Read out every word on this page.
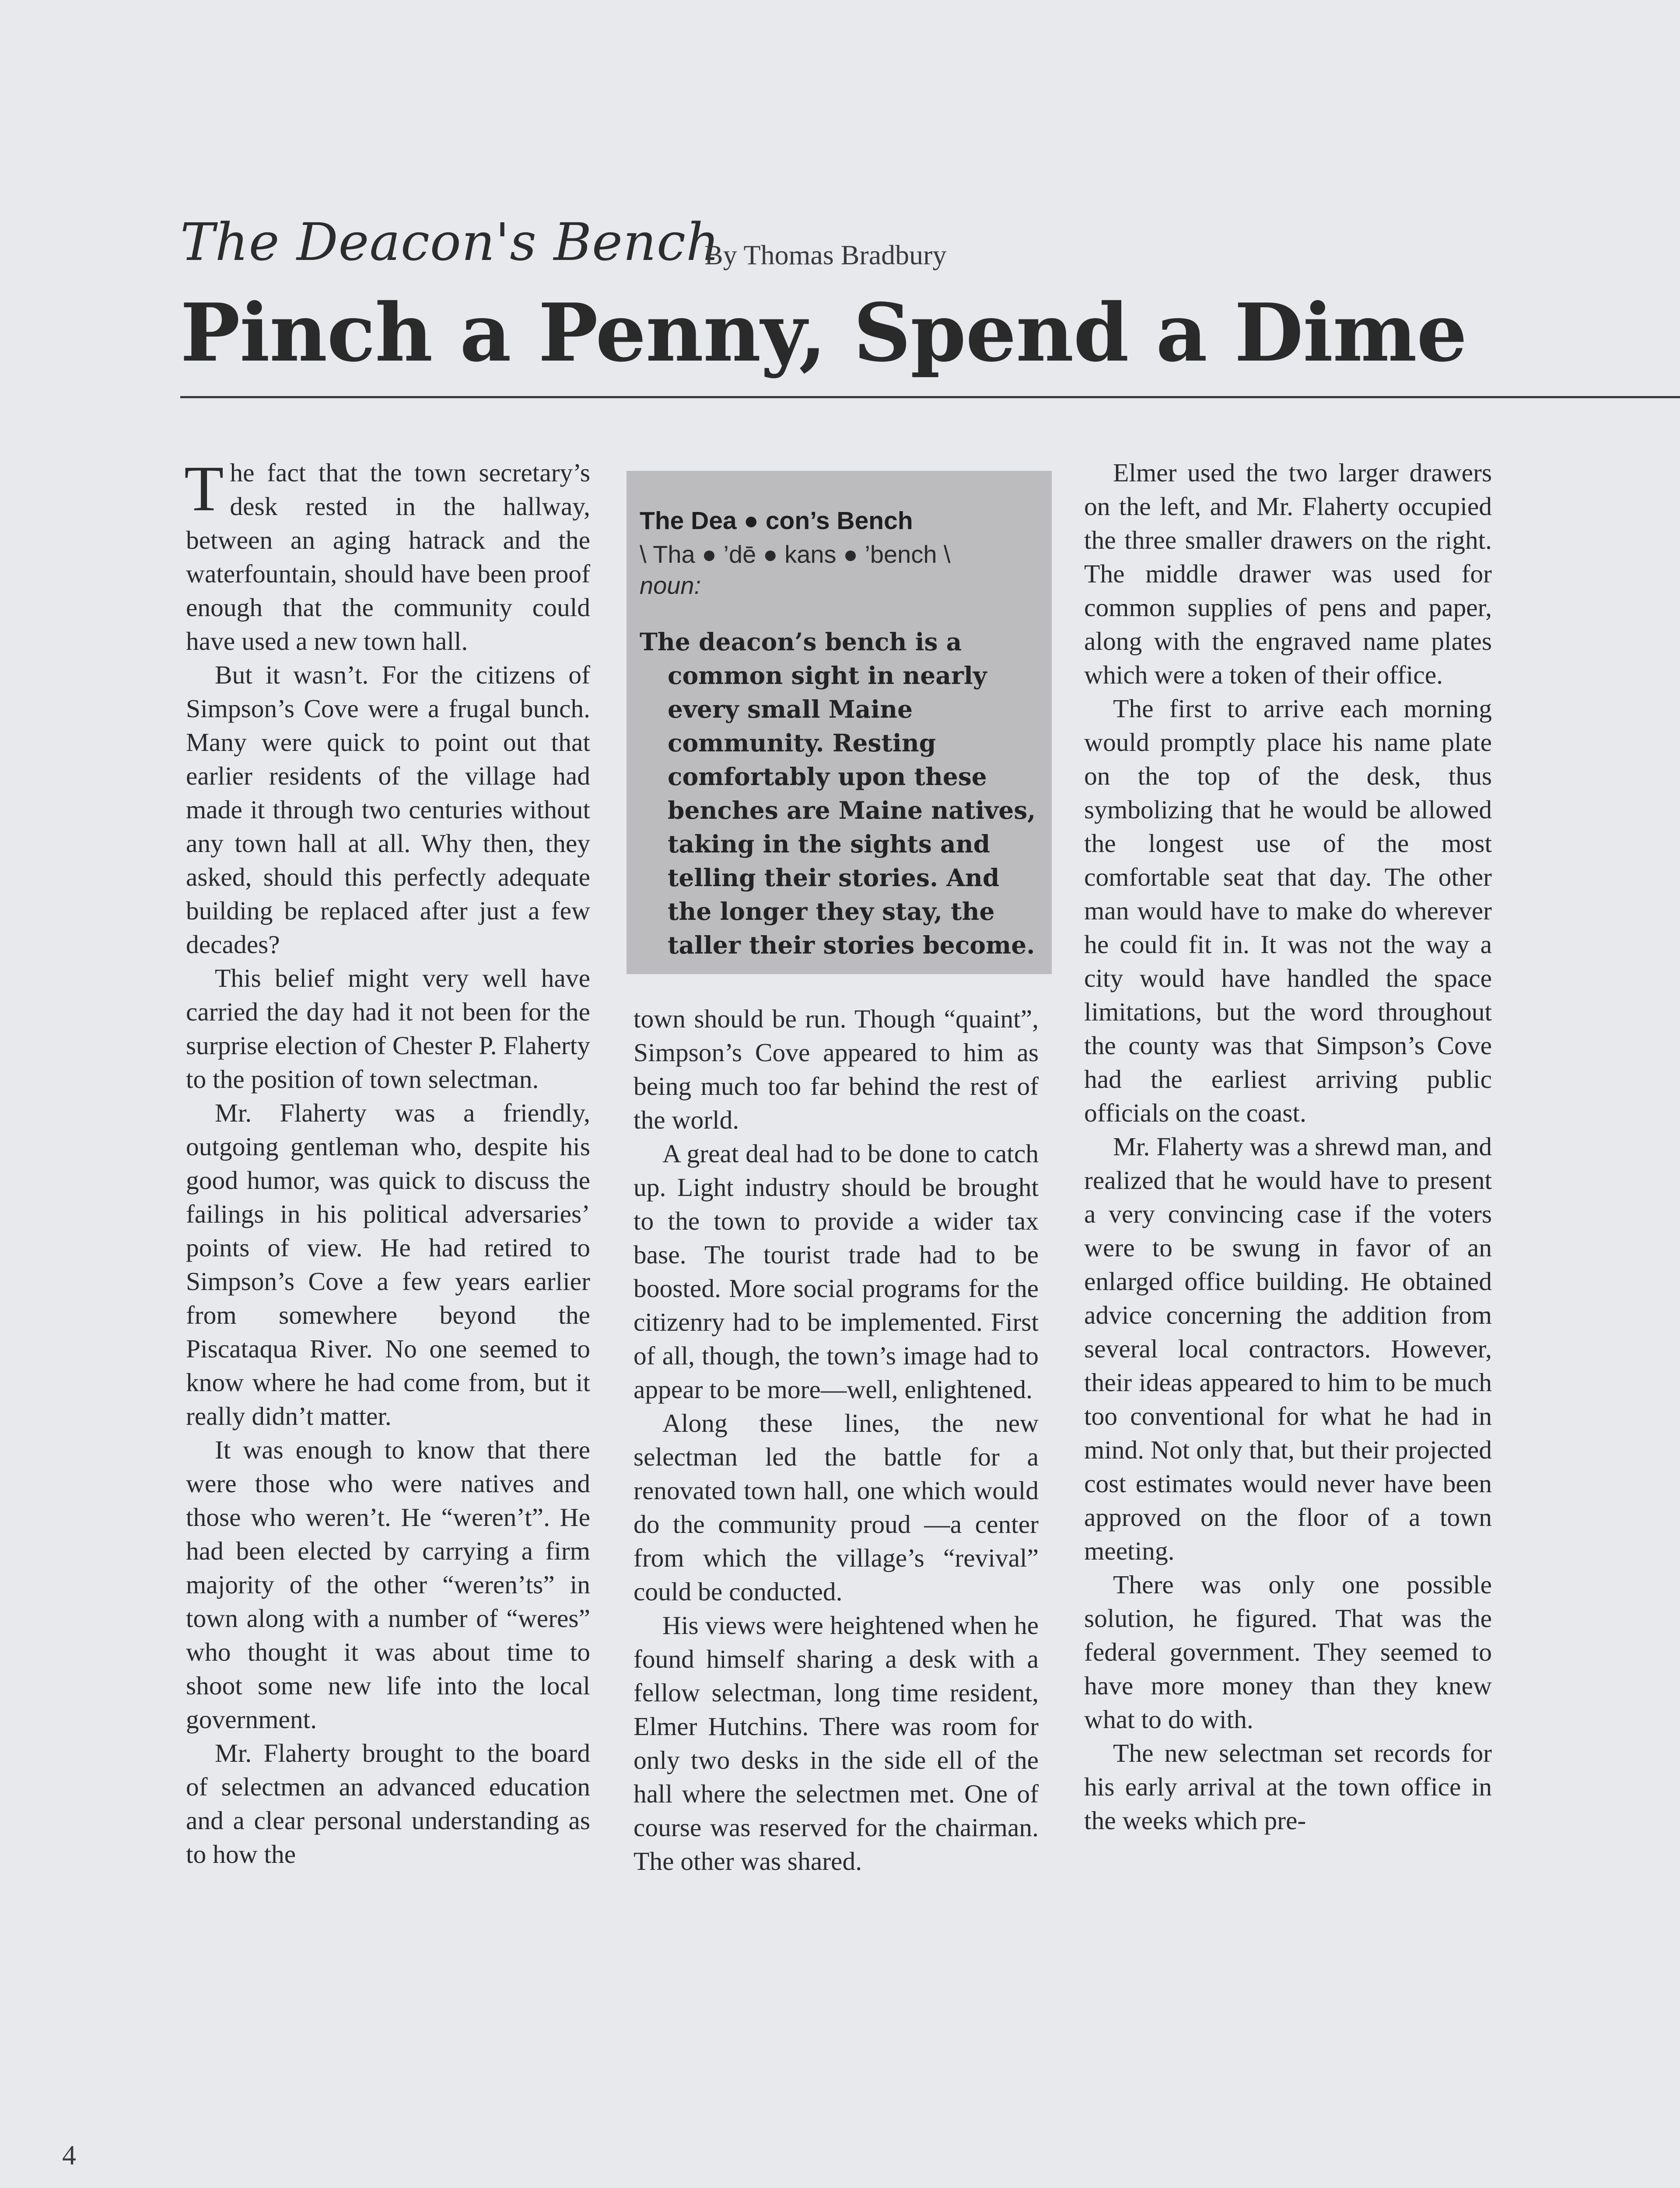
The Deacon's Bench
By Thomas Bradbury
Pinch a Penny, Spend a Dime

The fact that the town secretary’s desk rested in the hallway, between an aging hatrack and the waterfountain, should have been proof enough that the community could have used a new town hall.

But it wasn’t. For the citizens of Simpson’s Cove were a frugal bunch. Many were quick to point out that earlier residents of the village had made it through two centuries without any town hall at all. Why then, they asked, should this perfectly adequate building be replaced after just a few decades?

This belief might very well have carried the day had it not been for the surprise election of Chester P. Flaherty to the position of town selectman.

Mr. Flaherty was a friendly, outgoing gentleman who, despite his good humor, was quick to discuss the failings in his political adversaries’ points of view. He had retired to Simpson’s Cove a few years earlier from somewhere beyond the Piscataqua River. No one seemed to know where he had come from, but it really didn’t matter.

It was enough to know that there were those who were natives and those who weren’t. He “weren’t”. He had been elected by carrying a firm majority of the other “weren’ts” in town along with a number of “weres” who thought it was about time to shoot some new life into the local government.

Mr. Flaherty brought to the board of selectmen an advanced education and a clear personal understanding as to how the

The Dea ● con’s Bench
\ Tha ● ’dē ● kans ● ’bench \
noun:
The deacon’s bench is a common sight in nearly every small Maine community. Resting comfortably upon these benches are Maine natives, taking in the sights and telling their stories. And the longer they stay, the taller their stories become.

town should be run. Though “quaint”, Simpson’s Cove appeared to him as being much too far behind the rest of the world.

A great deal had to be done to catch up. Light industry should be brought to the town to provide a wider tax base. The tourist trade had to be boosted. More social programs for the citizenry had to be implemented. First of all, though, the town’s image had to appear to be more—well, enlightened.

Along these lines, the new selectman led the battle for a renovated town hall, one which would do the community proud —a center from which the village’s “revival” could be conducted.

His views were heightened when he found himself sharing a desk with a fellow selectman, long time resident, Elmer Hutchins. There was room for only two desks in the side ell of the hall where the selectmen met. One of course was reserved for the chairman. The other was shared.

Elmer used the two larger drawers on the left, and Mr. Flaherty occupied the three smaller drawers on the right. The middle drawer was used for common supplies of pens and paper, along with the engraved name plates which were a token of their office.

The first to arrive each morning would promptly place his name plate on the top of the desk, thus symbolizing that he would be allowed the longest use of the most comfortable seat that day. The other man would have to make do wherever he could fit in. It was not the way a city would have handled the space limitations, but the word throughout the county was that Simpson’s Cove had the earliest arriving public officials on the coast.

Mr. Flaherty was a shrewd man, and realized that he would have to present a very convincing case if the voters were to be swung in favor of an enlarged office building. He obtained advice concerning the addition from several local contractors. However, their ideas appeared to him to be much too conventional for what he had in mind. Not only that, but their projected cost estimates would never have been approved on the floor of a town meeting.

There was only one possible solution, he figured. That was the federal government. They seemed to have more money than they knew what to do with.

The new selectman set records for his early arrival at the town office in the weeks which pre-

4
